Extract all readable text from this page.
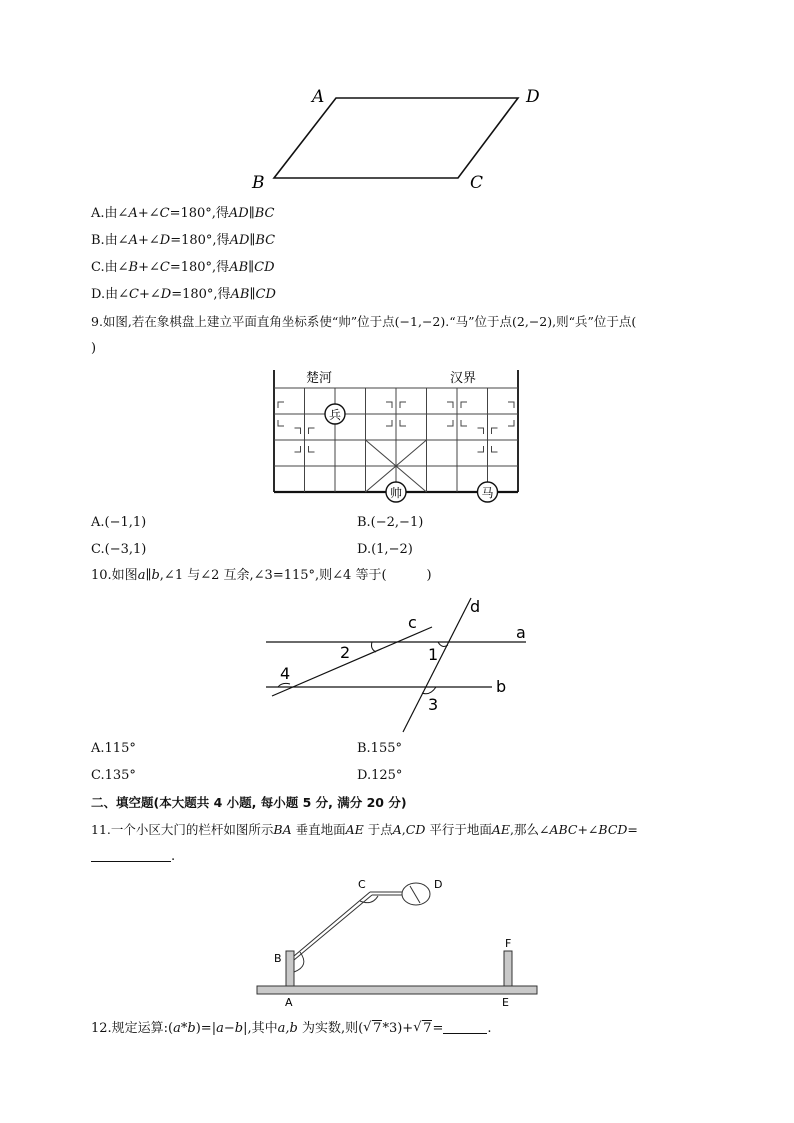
A	D
B	C
A.由∠A+∠C=180°,得AD∥BC
B.由∠A+∠D=180°,得AD∥BC
C.由∠B+∠C=180°,得AB∥CD
D.由∠C+∠D=180°,得AB∥CD
9.如图,若在象棋盘上建立平面直角坐标系使“帅”位于点(−1,−2).“马”位于点(2,−2),则“兵”位于点(
)
楚河	汉界
兵
帅	马
A.(−1,1)	B.(−2,−1)
C.(−3,1)	D.(1,−2)
10.如图a∥b,∠1 与∠2 互余,∠3=115°,则∠4 等于(	)
c
d
a
b
1
2
3
4
A.115°	B.155°
C.135°	D.125°
二、填空题(本大题共 4 小题, 每小题 5 分, 满分 20 分)
11.一个小区大门的栏杆如图所示BA 垂直地面AE 于点A,CD 平行于地面AE,那么∠ABC+∠BCD=
.
C	D
B
F
A	E
12.规定运算:(a*b)=|a−b|,其中a,b 为实数,则( √ 7*3)+ √ 7=	.
